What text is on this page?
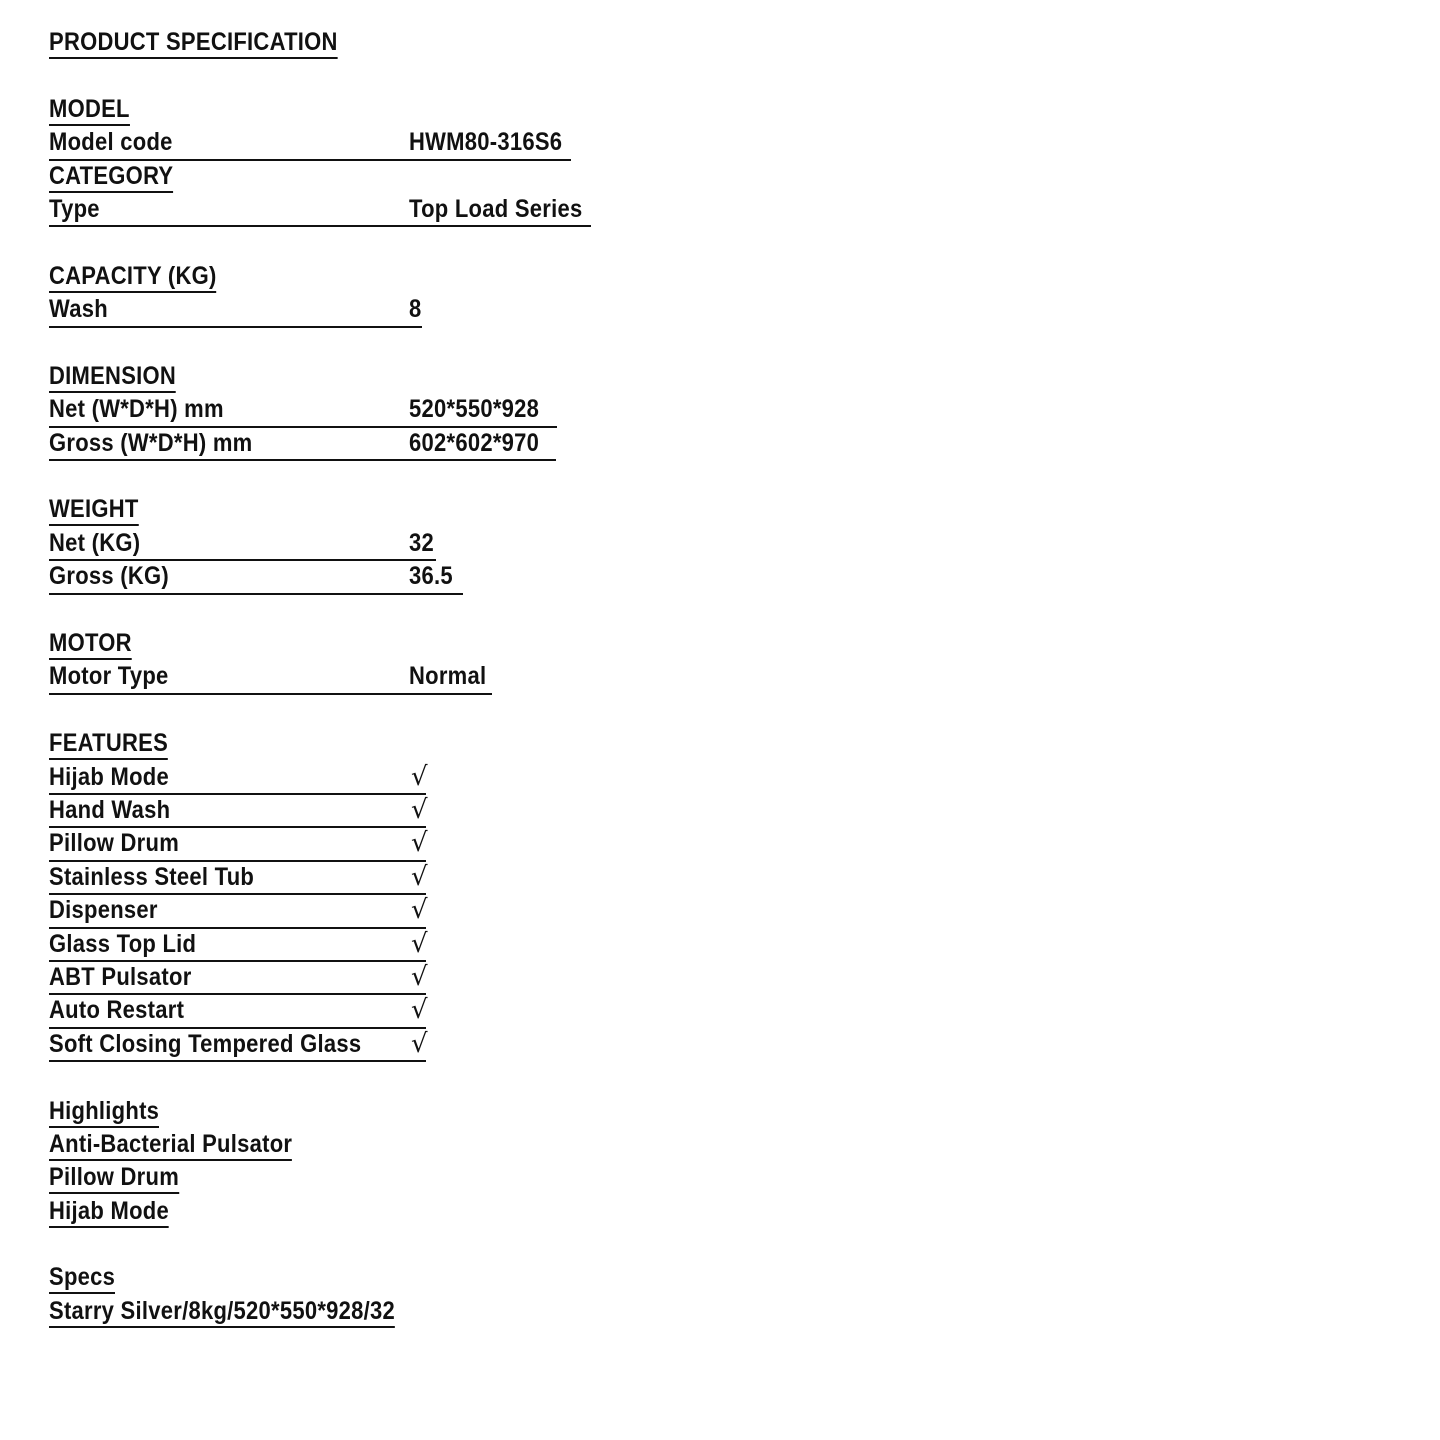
PRODUCT SPECIFICATION
MODEL
Model code	HWM80-316S6
CATEGORY
Type	Top Load Series
CAPACITY (KG)
Wash	8
DIMENSION
Net (W*D*H) mm	520*550*928
Gross (W*D*H) mm	602*602*970
WEIGHT
Net (KG)	32
Gross (KG)	36.5
MOTOR
Motor Type	Normal
FEATURES
Hijab Mode	√
Hand Wash	√
Pillow Drum	√
Stainless Steel Tub	√
Dispenser	√
Glass Top Lid	√
ABT Pulsator	√
Auto Restart	√
Soft Closing Tempered Glass √
Highlights
Anti-Bacterial Pulsator
Pillow Drum
Hijab Mode
Specs
Starry Silver/8kg/520*550*928/32
